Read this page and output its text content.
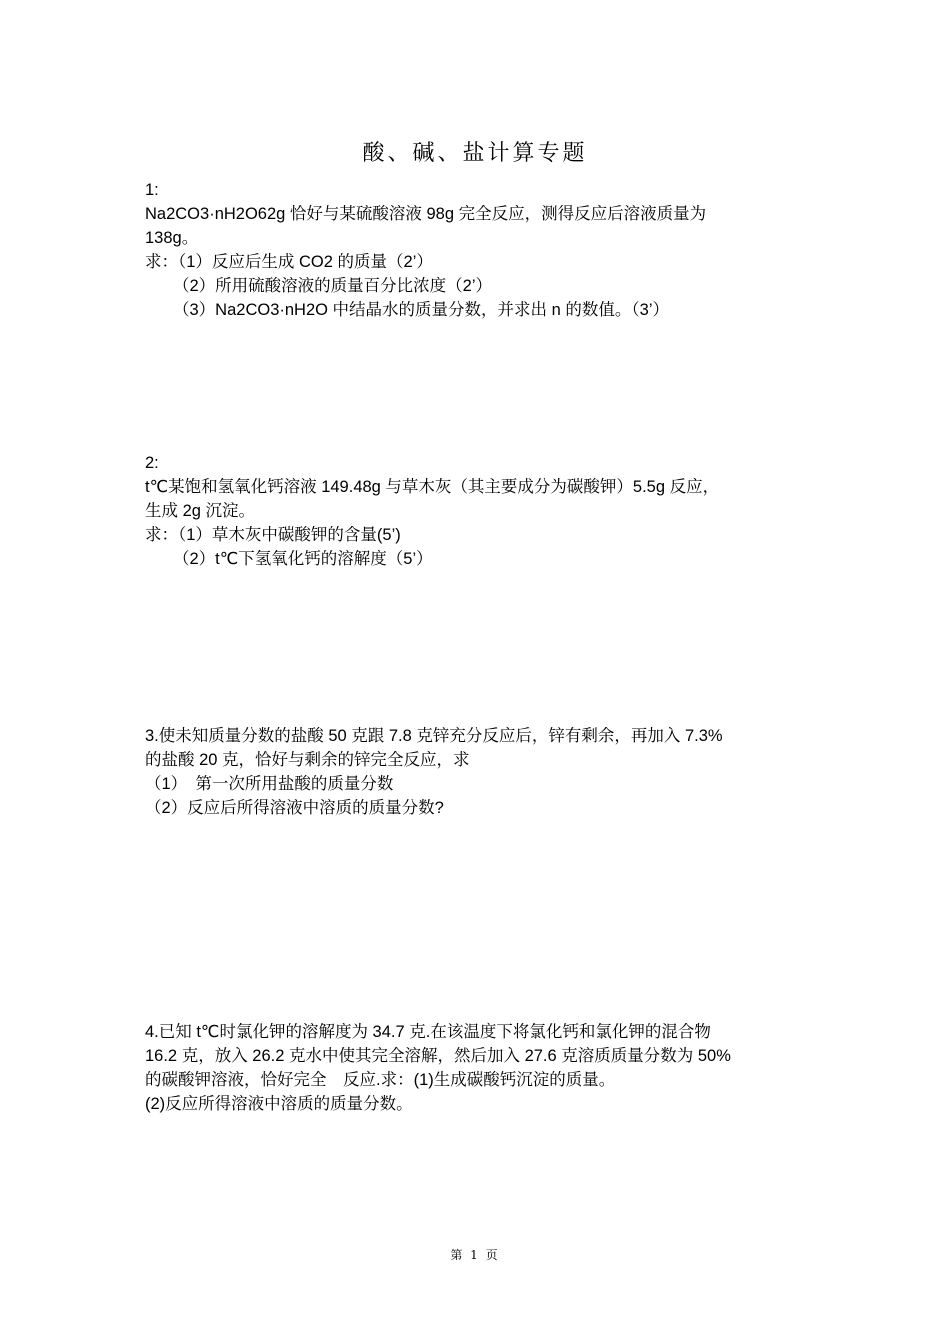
酸、碱、盐计算专题
1:
Na2CO3·nH2O62g 恰好与某硫酸溶液 98g 完全反应，测得反应后溶液质量为
138g。
求：（1）反应后生成 CO2 的质量（2’）
（2）所用硫酸溶液的质量百分比浓度（2’）
（3）Na2CO3·nH2O 中结晶水的质量分数，并求出 n 的数值。（3’）
2:
t℃某饱和氢氧化钙溶液 149.48g 与草木灰（其主要成分为碳酸钾）5.5g 反应，
生成 2g 沉淀。
求：（1）草木灰中碳酸钾的含量(5’)
（2）t℃下氢氧化钙的溶解度（5’）
3.使未知质量分数的盐酸 50 克跟 7.8 克锌充分反应后，锌有剩余，再加入 7.3%
的盐酸 20 克，恰好与剩余的锌完全反应，求
（1）　第一次所用盐酸的质量分数
（2）反应后所得溶液中溶质的质量分数?
4.已知 t℃时氯化钾的溶解度为 34.7 克.在该温度下将氯化钙和氯化钾的混合物
16.2 克，放入 26.2 克水中使其完全溶解，然后加入 27.6 克溶质质量分数为 50%
的碳酸钾溶液，恰好完全　反应.求：(1)生成碳酸钙沉淀的质量。
(2)反应所得溶液中溶质的质量分数。
第 1 页
